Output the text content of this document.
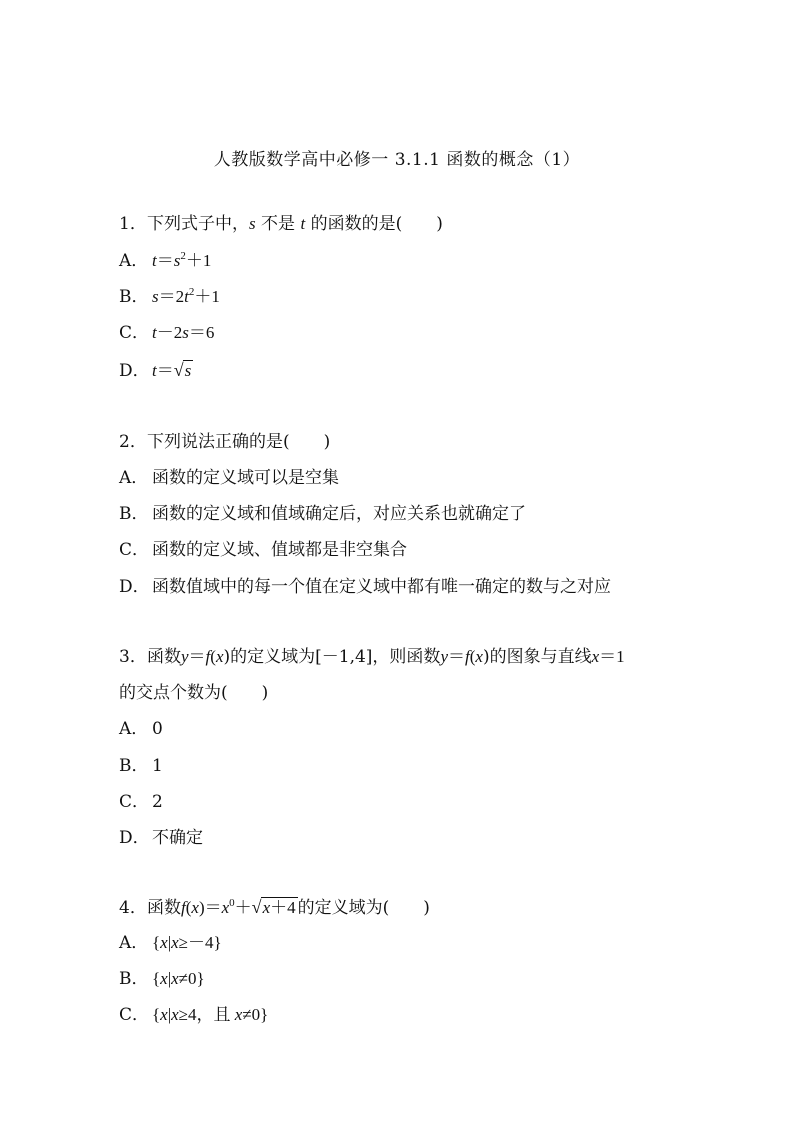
人教版数学高中必修一 3.1.1 函数的概念（1）
1．下列式子中，s 不是 t 的函数的是(　　)
A． $t=s^2+1$
B． $s=2t^2+1$
C． t－2s＝6
D． t＝√s
2．下列说法正确的是(　　)
A． 函数的定义域可以是空集
B． 函数的定义域和值域确定后，对应关系也就确定了
C． 函数的定义域、值域都是非空集合
D． 函数值域中的每一个值在定义域中都有唯一确定的数与之对应
3．函数y＝f(x)的定义域为[－1,4]，则函数y＝f(x)的图象与直线x＝1
的交点个数为(　　)
A． 0
B． 1
C． 2
D． 不确定
4．函数$f(x)=x^0+√x+4$ 的定义域为(　　)
A． {x|x≥－4}
B． {x|x≠0}
C． {x|x≥4，且 x≠0}
